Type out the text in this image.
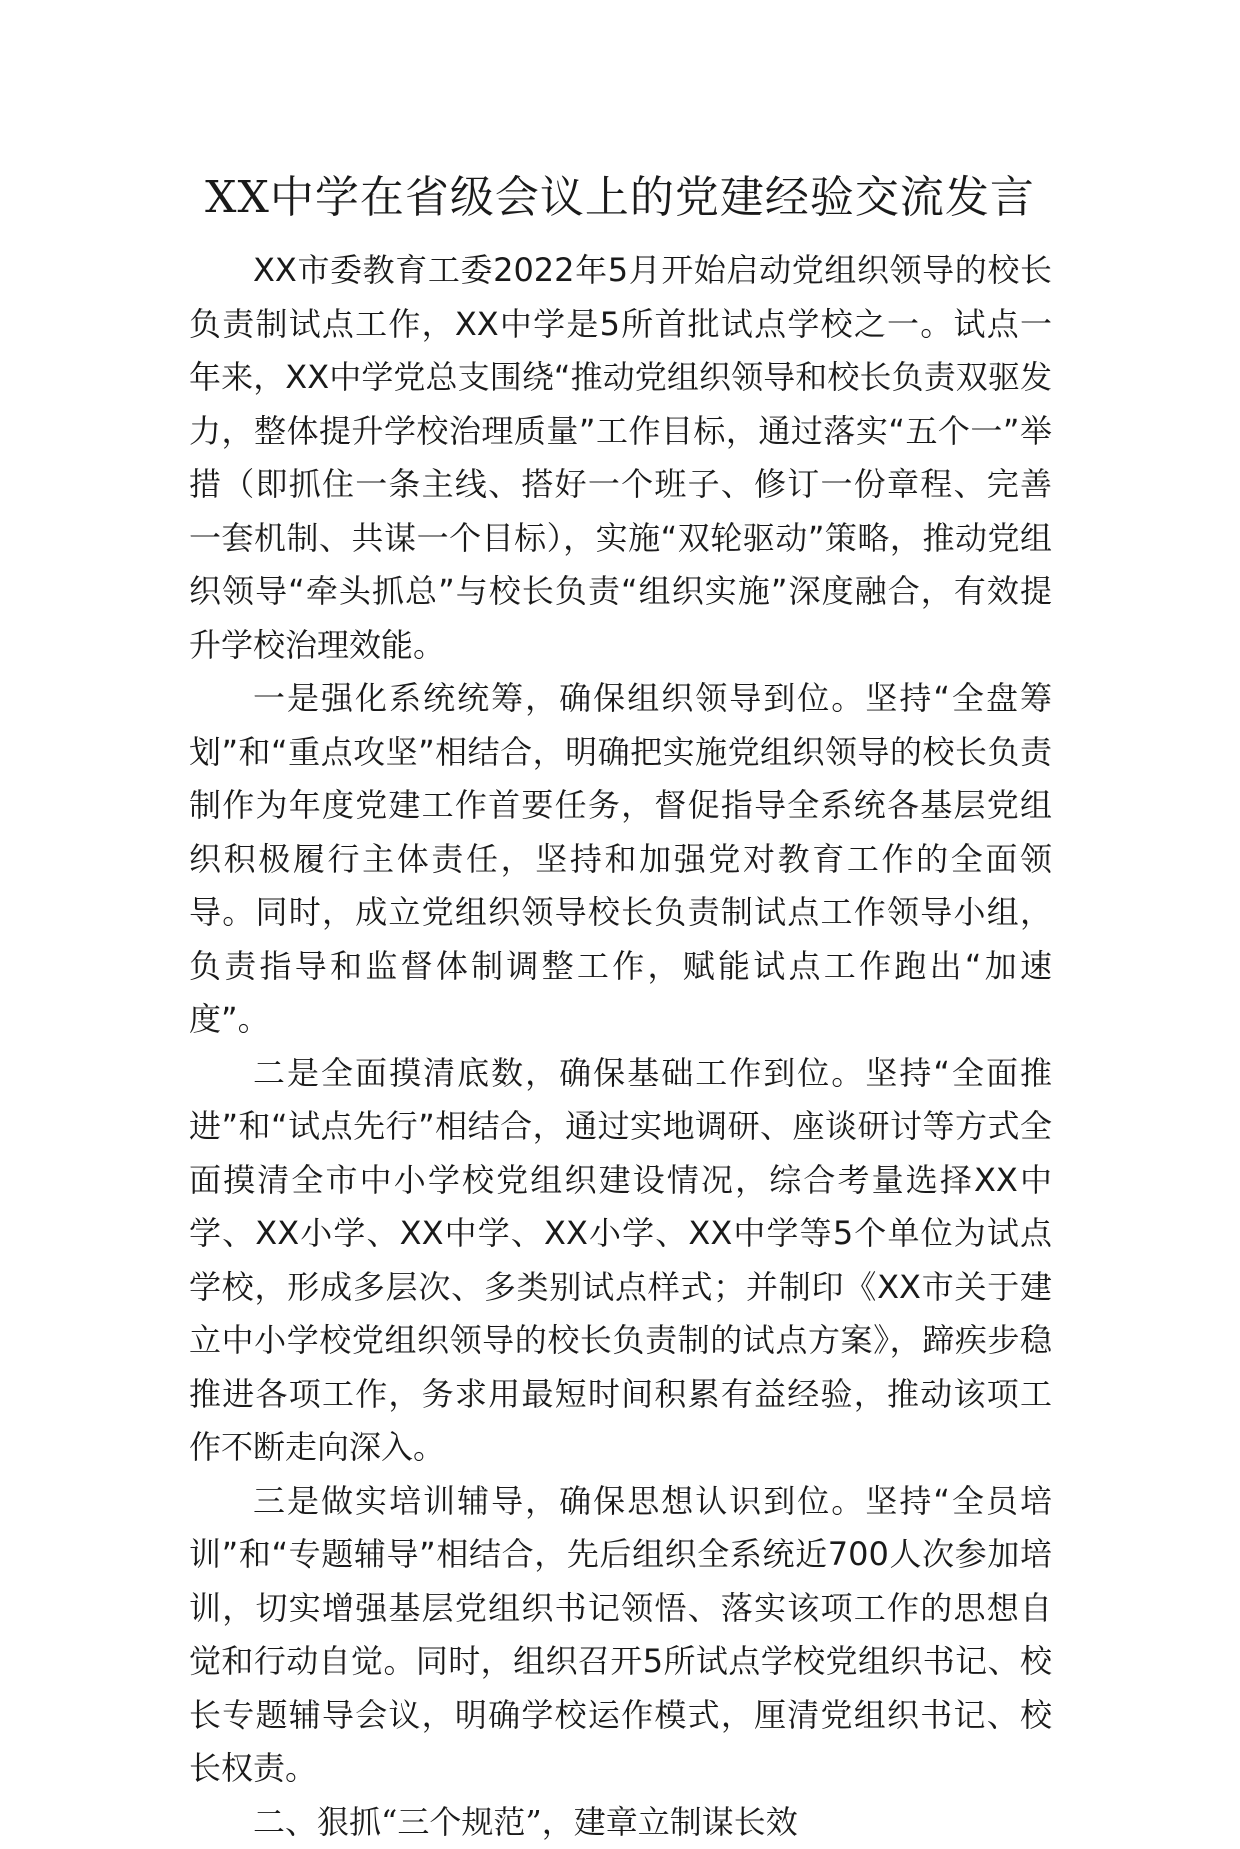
XX中学在省级会议上的党建经验交流发言

XX市委教育工委2022年5月开始启动党组织领导的校长负责制试点工作，XX中学是5所首批试点学校之一。试点一年来，XX中学党总支围绕“推动党组织领导和校长负责双驱发力，整体提升学校治理质量”工作目标，通过落实“五个一”举措（即抓住一条主线、搭好一个班子、修订一份章程、完善一套机制、共谋一个目标），实施“双轮驱动”策略，推动党组织领导“牵头抓总”与校长负责“组织实施”深度融合，有效提升学校治理效能。

一是强化系统统筹，确保组织领导到位。坚持“全盘筹划”和“重点攻坚”相结合，明确把实施党组织领导的校长负责制作为年度党建工作首要任务，督促指导全系统各基层党组织积极履行主体责任，坚持和加强党对教育工作的全面领导。同时，成立党组织领导校长负责制试点工作领导小组，负责指导和监督体制调整工作，赋能试点工作跑出“加速度”。

二是全面摸清底数，确保基础工作到位。坚持“全面推进”和“试点先行”相结合，通过实地调研、座谈研讨等方式全面摸清全市中小学校党组织建设情况，综合考量选择XX中学、XX小学、XX中学、XX小学、XX中学等5个单位为试点学校，形成多层次、多类别试点样式；并制印《XX市关于建立中小学校党组织领导的校长负责制的试点方案》，蹄疾步稳推进各项工作，务求用最短时间积累有益经验，推动该项工作不断走向深入。

三是做实培训辅导，确保思想认识到位。坚持“全员培训”和“专题辅导”相结合，先后组织全系统近700人次参加培训，切实增强基层党组织书记领悟、落实该项工作的思想自觉和行动自觉。同时，组织召开5所试点学校党组织书记、校长专题辅导会议，明确学校运作模式，厘清党组织书记、校长权责。

二、狠抓“三个规范”，建章立制谋长效
